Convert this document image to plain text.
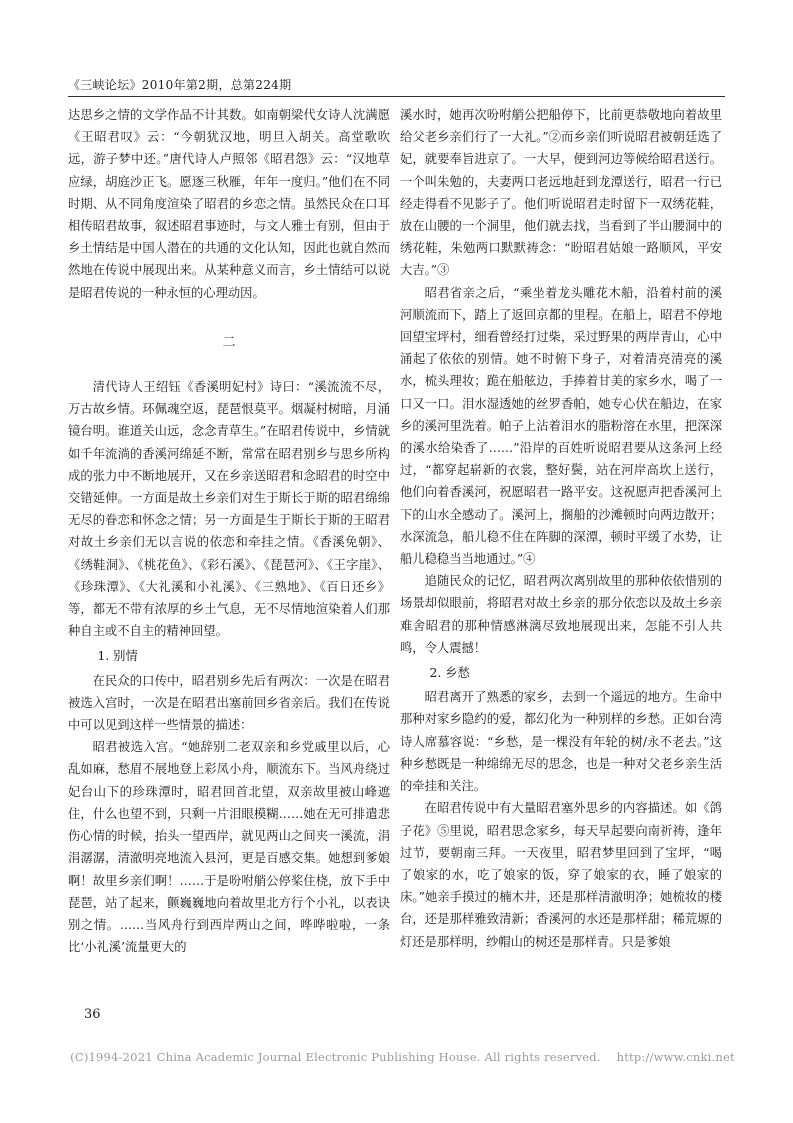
《三峡论坛》2010年第2期，总第224期

达思乡之情的文学作品不计其数。如南朝梁代女诗人沈满愿《王昭君叹》云：“今朝犹汉地，明旦入胡关。高堂歌吹远，游子梦中还。”唐代诗人卢照邻《昭君怨》云：“汉地草应绿，胡庭沙正飞。愿逐三秋雁，年年一度归。”他们在不同时期、从不同角度渲染了昭君的乡恋之情。虽然民众在口耳相传昭君故事，叙述昭君事迹时，与文人雅士有别，但由于乡土情结是中国人潜在的共通的文化认知，因此也就自然而然地在传说中展现出来。从某种意义而言，乡土情结可以说是昭君传说的一种永恒的心理动因。

二

清代诗人王绍钰《香溪明妃村》诗曰：“溪流流不尽，万古故乡情。环佩魂空返，琵琶恨莫平。烟凝村树暗，月涌镜台明。谁道关山远，念念青草生。”在昭君传说中，乡情就如千年流淌的香溪河绵延不断，常常在昭君别乡与思乡所构成的张力中不断地展开，又在乡亲送昭君和念昭君的时空中交错延伸。一方面是故土乡亲们对生于斯长于斯的昭君绵绵无尽的眷恋和怀念之情；另一方面是生于斯长于斯的王昭君对故土乡亲们无以言说的依恋和牵挂之情。《香溪免朝》、《绣鞋洞》、《桃花鱼》、《彩石溪》、《琵琶河》、《王字崖》、《珍珠潭》、《大礼溪和小礼溪》、《三熟地》、《百日还乡》等，都无不带有浓厚的乡土气息，无不尽情地渲染着人们那种自主或不自主的精神回望。

1. 别情

在民众的口传中，昭君别乡先后有两次：一次是在昭君被选入宫时，一次是在昭君出塞前回乡省亲后。我们在传说中可以见到这样一些情景的描述：

昭君被选入宫。“她辞别二老双亲和乡党戚里以后，心乱如麻，愁眉不展地登上彩凤小舟，顺流东下。当风舟绕过妃台山下的珍珠潭时，昭君回首北望，双亲故里被山峰遮住，什么也望不到，只剩一片泪眼模糊……她在无可排遣悲伤心情的时候，抬头一望西岸，就见两山之间夹一溪流，涓涓潺潺，清澈明亮地流入县河，更是百感交集。她想到爹娘啊！故里乡亲们啊！……于是吩咐艄公停桨住桡，放下手中琵琶，站了起来，颤巍巍地向着故里北方行个小礼，以表诀别之情。……当风舟行到西岸两山之间，哗哗啦啦，一条比‘小礼溪’流量更大的

溪水时，她再次吩咐艄公把船停下，比前更恭敬地向着故里给父老乡亲们行了一大礼。”②而乡亲们听说昭君被朝廷选了妃，就要奉旨进京了。一大早，便到河边等候给昭君送行。一个叫朱勉的，夫妻两口老远地赶到龙潭送行，昭君一行已经走得看不见影子了。他们听说昭君走时留下一双绣花鞋，放在山腰的一个洞里，他们就去找，当看到了半山腰洞中的绣花鞋，朱勉两口默默祷念：“盼昭君姑娘一路顺风，平安大吉。”③

昭君省亲之后，“乘坐着龙头雕花木船，沿着村前的溪河顺流而下，踏上了返回京都的里程。在船上，昭君不停地回望宝坪村，细看曾经打过柴，采过野果的两岸青山，心中涌起了依依的别情。她不时俯下身子，对着清亮清亮的溪水，梳头理妆；跪在船舷边，手捧着甘美的家乡水，喝了一口又一口。泪水湿透她的丝罗香帕，她专心伏在船边，在家乡的溪河里洗着。帕子上沾着泪水的脂粉溶在水里，把深深的溪水给染香了……”沿岸的百姓听说昭君要从这条河上经过，“都穿起崭新的衣裳，整好鬓，站在河岸高坎上送行，他们向着香溪河，祝愿昭君一路平安。这祝愿声把香溪河上下的山水全感动了。溪河上，搁船的沙滩顿时向两边散开；水深流急，船儿稳不住在阵脚的深潭，顿时平缓了水势，让船儿稳稳当当地通过。”④

追随民众的记忆，昭君两次离别故里的那种依依惜别的场景却似眼前，将昭君对故土乡亲的那分依恋以及故土乡亲难舍昭君的那种情感淋漓尽致地展现出来，怎能不引人共鸣，令人震撼！

2. 乡愁

昭君离开了熟悉的家乡，去到一个遥远的地方。生命中那种对家乡隐约的爱，都幻化为一种别样的乡愁。正如台湾诗人席慕容说：“乡愁，是一棵没有年轮的树/永不老去。”这种乡愁既是一种绵绵无尽的思念，也是一种对父老乡亲生活的牵挂和关注。

在昭君传说中有大量昭君塞外思乡的内容描述。如《鸽子花》⑤里说，昭君思念家乡，每天早起要向南祈祷，逢年过节，要朝南三拜。一天夜里，昭君梦里回到了宝坪，“喝了娘家的水，吃了娘家的饭，穿了娘家的衣，睡了娘家的床。”她亲手摸过的楠木井，还是那样清澈明净；她梳妆的楼台，还是那样雅致清新；香溪河的水还是那样甜；稀荒塬的灯还是那样明，纱帽山的树还是那样青。只是爹娘

36
(C)1994-2021 China Academic Journal Electronic Publishing House. All rights reserved. http://www.cnki.net
